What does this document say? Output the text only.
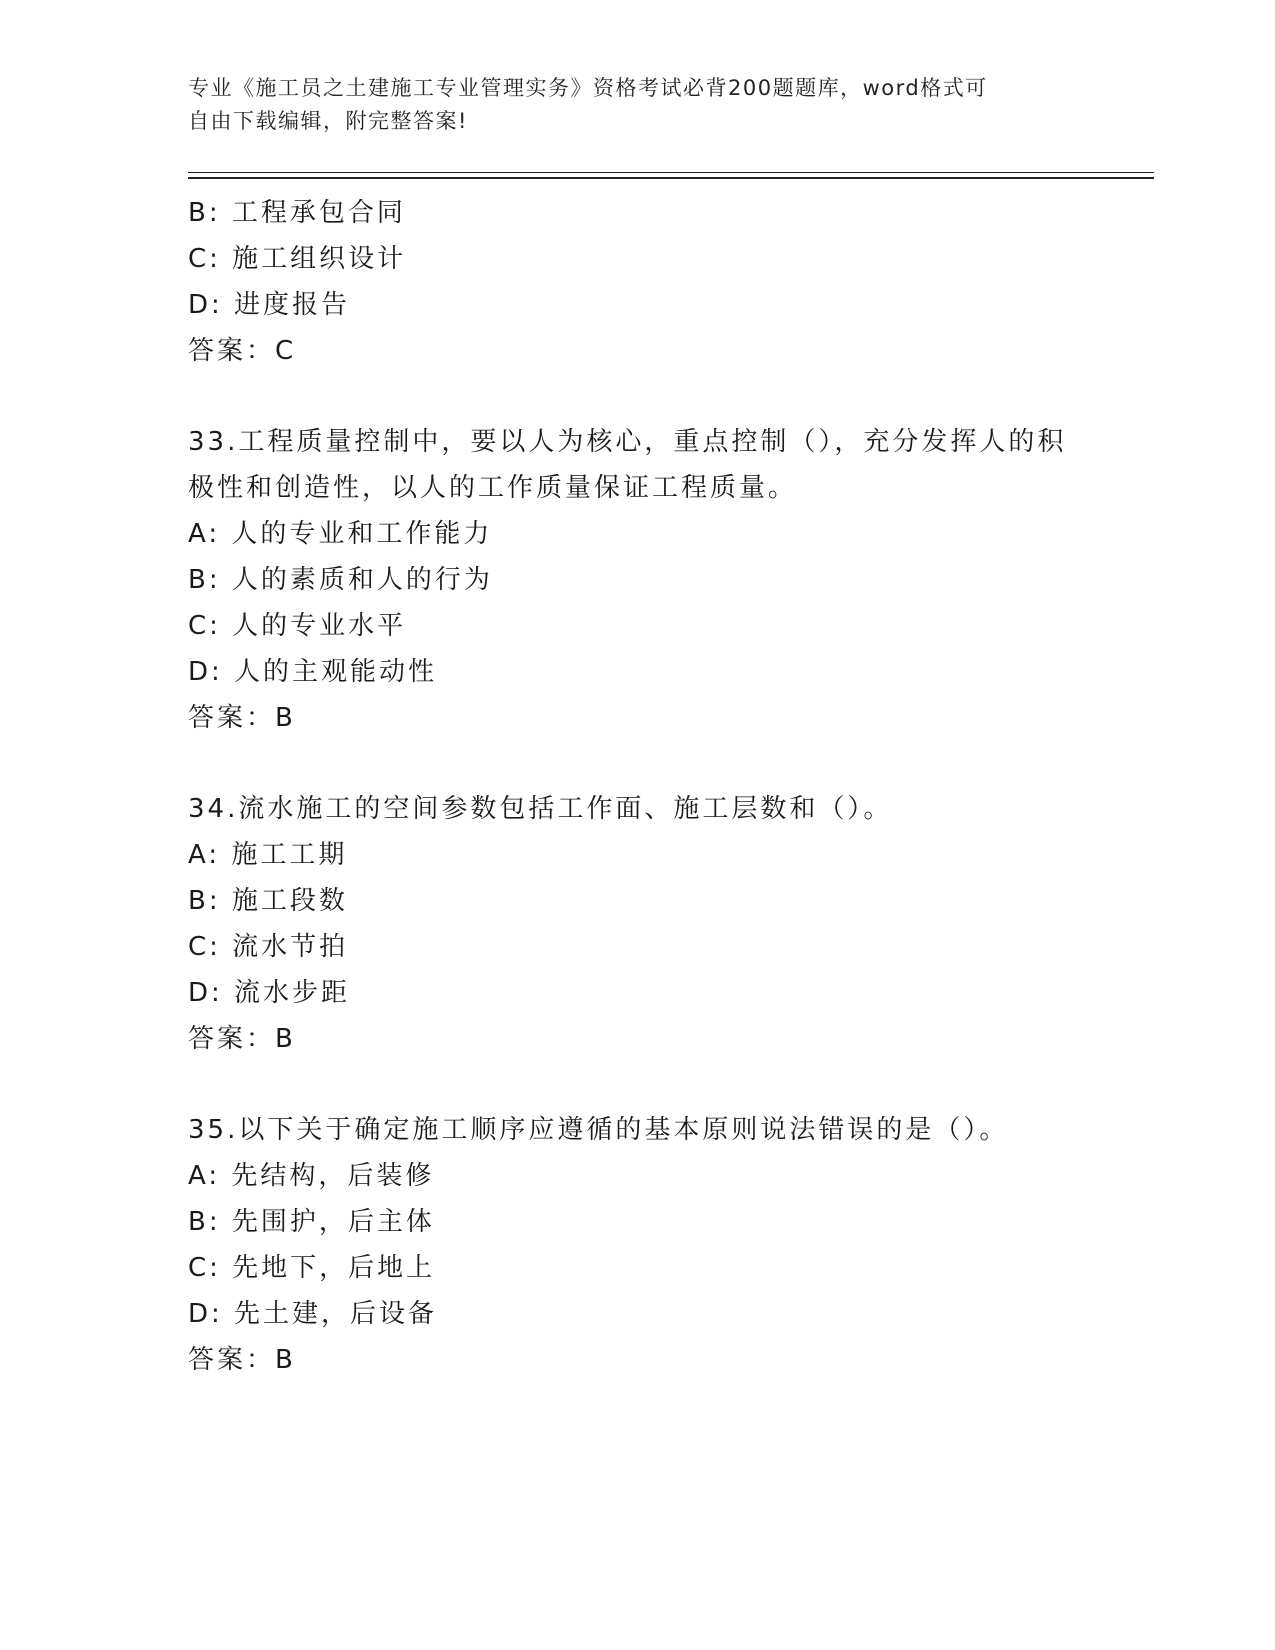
专业《施工员之土建施工专业管理实务》资格考试必背200题题库，word格式可
自由下载编辑，附完整答案!
B: 工程承包合同
C: 施工组织设计
D: 进度报告
答案：C
33.工程质量控制中，要以人为核心，重点控制（），充分发挥人的积
极性和创造性，以人的工作质量保证工程质量。
A: 人的专业和工作能力
B: 人的素质和人的行为
C: 人的专业水平
D: 人的主观能动性
答案：B
34.流水施工的空间参数包括工作面、施工层数和（）。
A: 施工工期
B: 施工段数
C: 流水节拍
D: 流水步距
答案：B
35.以下关于确定施工顺序应遵循的基本原则说法错误的是（）。
A: 先结构，后装修
B: 先围护，后主体
C: 先地下，后地上
D: 先土建，后设备
答案：B
